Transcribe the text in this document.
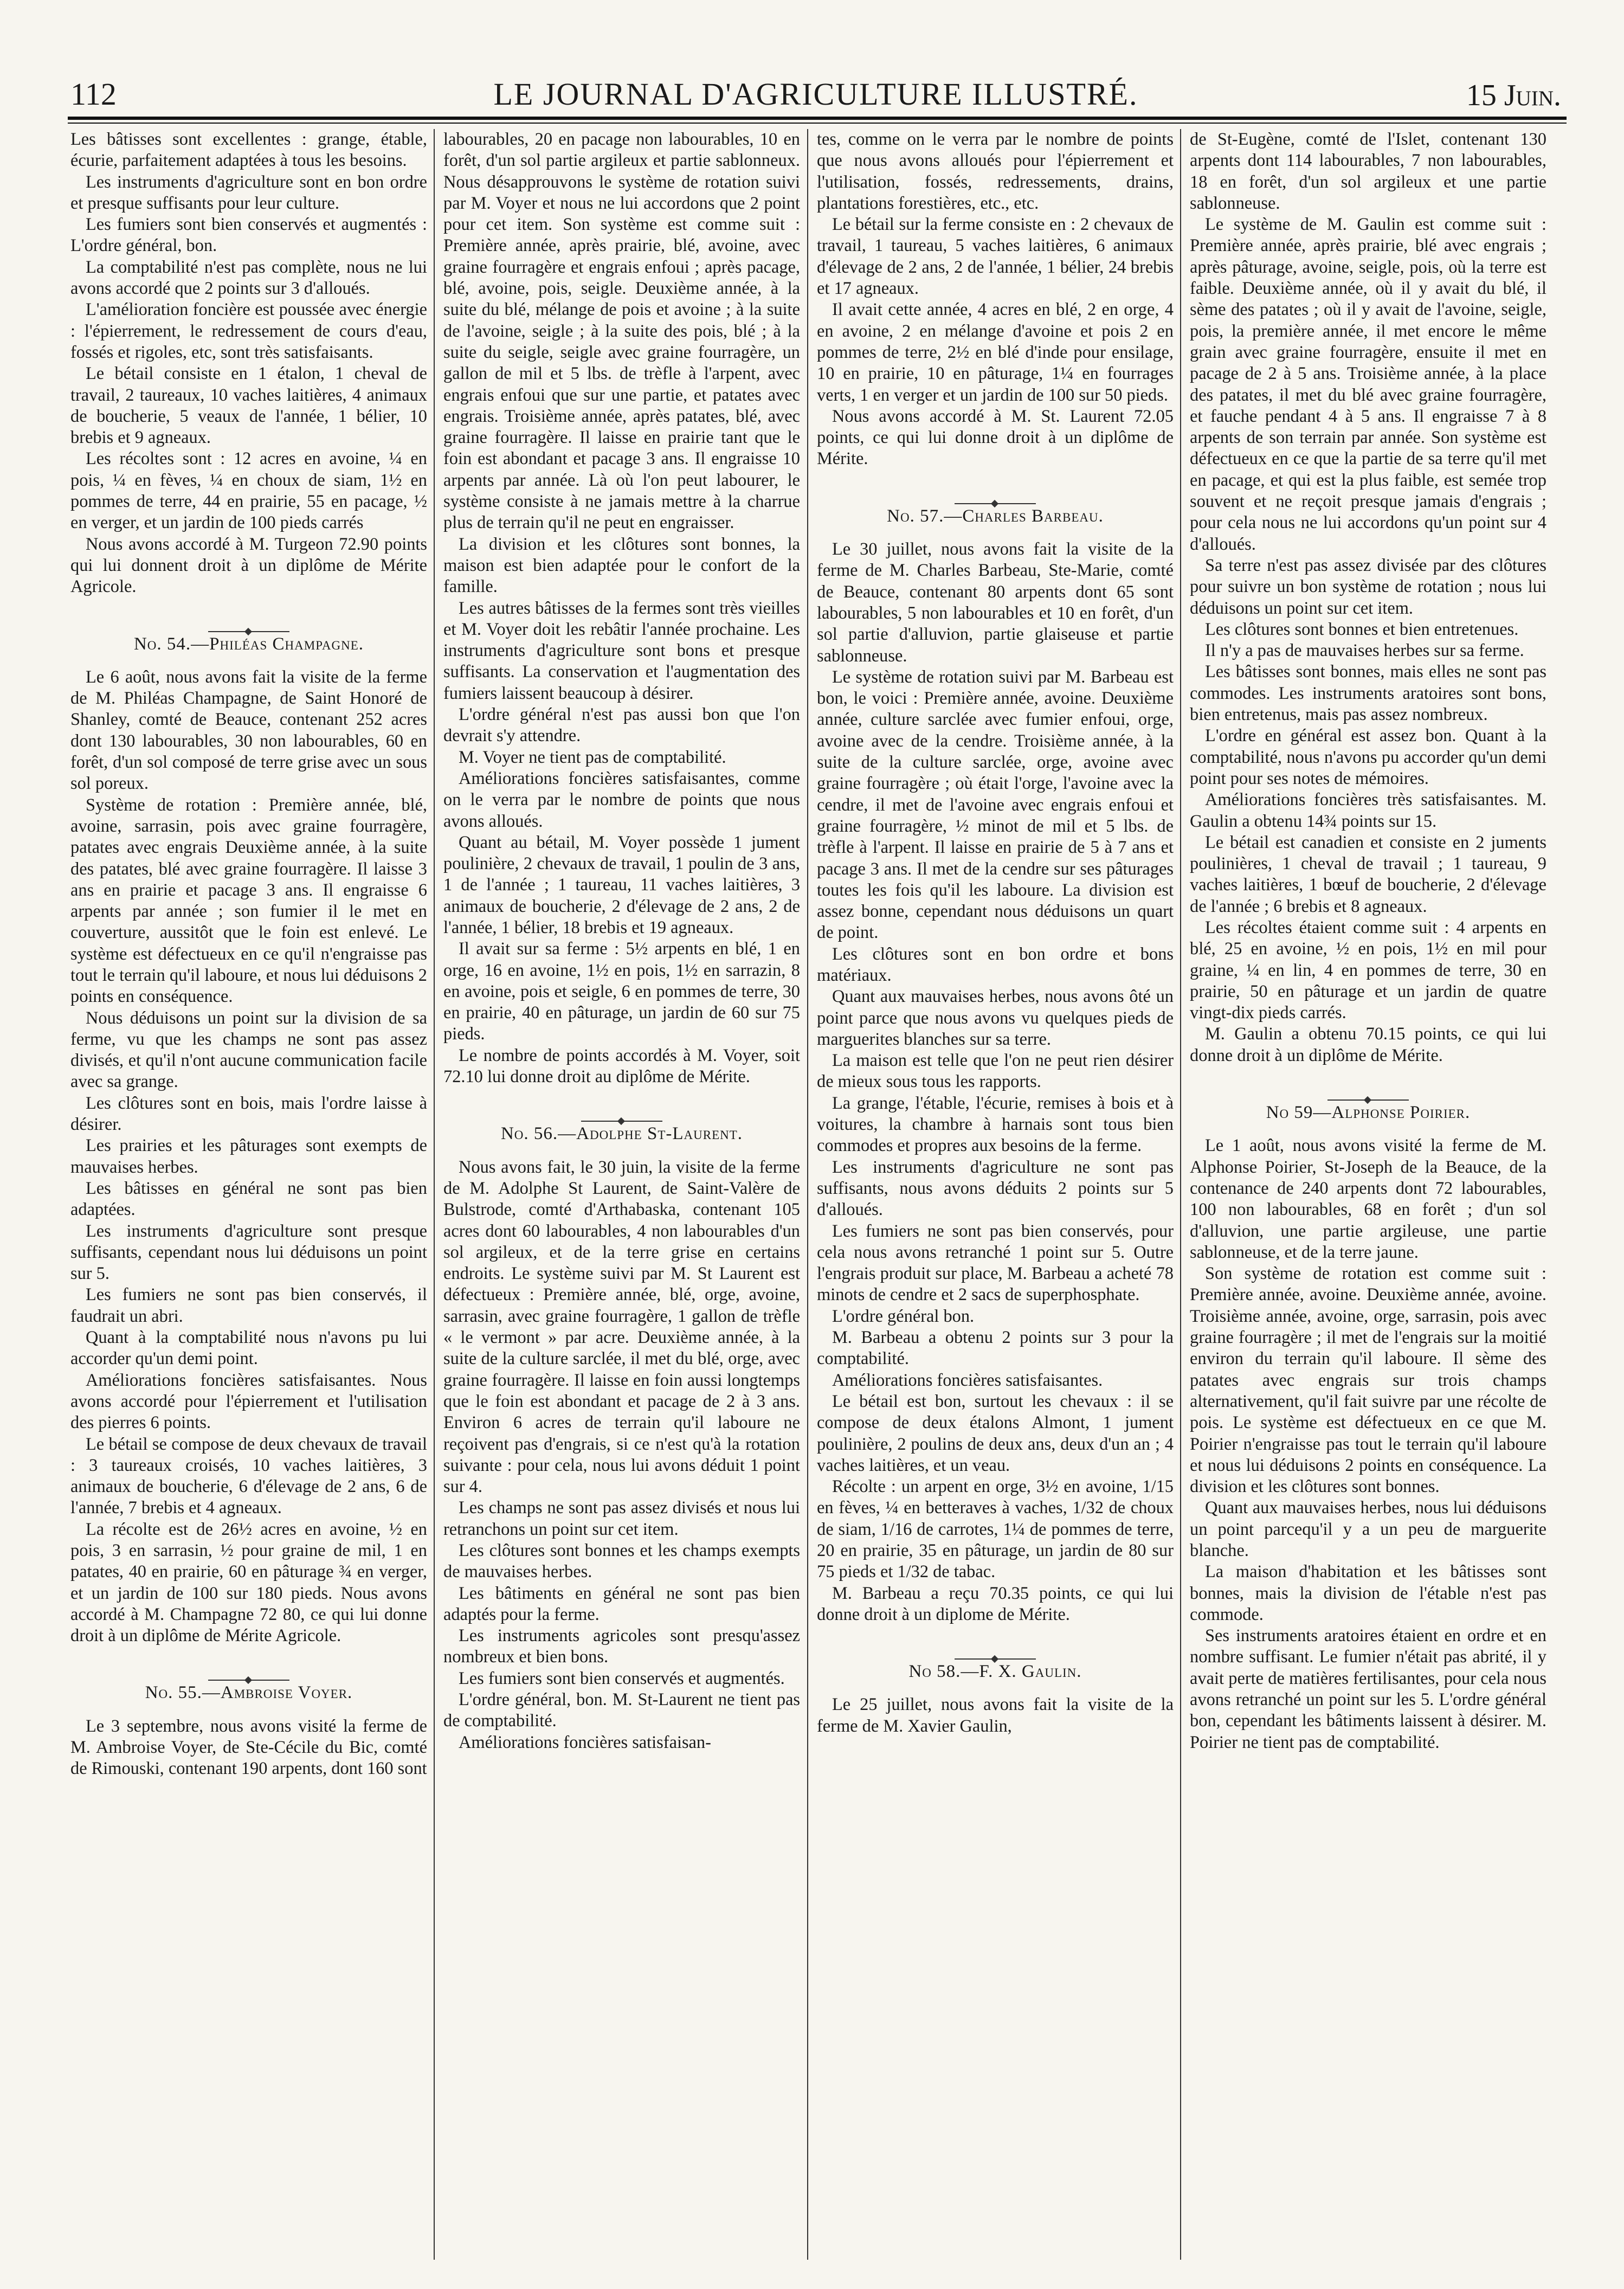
112	LE JOURNAL D'AGRICULTURE ILLUSTRÉ.	15 Juin.

Les bâtisses sont excellentes : grange, étable, écurie, parfaitement adaptées à tous les besoins.

Les instruments d'agriculture sont en bon ordre et presque suffisants pour leur culture.

Les fumiers sont bien conservés et augmentés : L'ordre général, bon.

La comptabilité n'est pas complète, nous ne lui avons accordé que 2 points sur 3 d'alloués.

L'amélioration foncière est poussée avec énergie : l'épierrement, le redressement de cours d'eau, fossés et rigoles, etc, sont très satisfaisants.

Le bétail consiste en 1 étalon, 1 cheval de travail, 2 taureaux, 10 vaches laitières, 4 animaux de boucherie, 5 veaux de l'année, 1 bélier, 10 brebis et 9 agneaux.

Les récoltes sont : 12 acres en avoine, ¼ en pois, ¼ en fèves, ¼ en choux de siam, 1½ en pommes de terre, 44 en prairie, 55 en pacage, ½ en verger, et un jardin de 100 pieds carrés

Nous avons accordé à M. Turgeon 72.90 points qui lui donnent droit à un diplôme de Mérite Agricole.

No. 54.—Philéas Champagne.

Le 6 août, nous avons fait la visite de la ferme de M. Philéas Champagne, de Saint Honoré de Shanley, comté de Beauce, contenant 252 acres dont 130 labourables, 30 non labourables, 60 en forêt, d'un sol composé de terre grise avec un sous sol poreux.

Système de rotation : Première année, blé, avoine, sarrasin, pois avec graine fourragère, patates avec engrais Deuxième année, à la suite des patates, blé avec graine fourragère. Il laisse 3 ans en prairie et pacage 3 ans. Il engraisse 6 arpents par année ; son fumier il le met en couverture, aussitôt que le foin est enlevé. Le système est défectueux en ce qu'il n'engraisse pas tout le terrain qu'il laboure, et nous lui déduisons 2 points en conséquence.

Nous déduisons un point sur la division de sa ferme, vu que les champs ne sont pas assez divisés, et qu'il n'ont aucune communication facile avec sa grange.

Les clôtures sont en bois, mais l'ordre laisse à désirer.

Les prairies et les pâturages sont exempts de mauvaises herbes.

Les bâtisses en général ne sont pas bien adaptées.

Les instruments d'agriculture sont presque suffisants, cependant nous lui déduisons un point sur 5.

Les fumiers ne sont pas bien conservés, il faudrait un abri.

Quant à la comptabilité nous n'avons pu lui accorder qu'un demi point.

Améliorations foncières satisfaisantes. Nous avons accordé pour l'épierrement et l'utilisation des pierres 6 points.

Le bétail se compose de deux chevaux de travail : 3 taureaux croisés, 10 vaches laitières, 3 animaux de boucherie, 6 d'élevage de 2 ans, 6 de l'année, 7 brebis et 4 agneaux.

La récolte est de 26½ acres en avoine, ½ en pois, 3 en sarrasin, ½ pour graine de mil, 1 en patates, 40 en prairie, 60 en pâturage ¾ en verger, et un jardin de 100 sur 180 pieds. Nous avons accordé à M. Champagne 72 80, ce qui lui donne droit à un diplôme de Mérite Agricole.

No. 55.—Ambroise Voyer.

Le 3 septembre, nous avons visité la ferme de M. Ambroise Voyer, de Ste-Cécile du Bic, comté de Rimouski, contenant 190 arpents, dont 160 sont

labourables, 20 en pacage non labourables, 10 en forêt, d'un sol partie argileux et partie sablonneux. Nous désapprouvons le système de rotation suivi par M. Voyer et nous ne lui accordons que 2 point pour cet item. Son système est comme suit : Première année, après prairie, blé, avoine, avec graine fourragère et engrais enfoui ; après pacage, blé, avoine, pois, seigle. Deuxième année, à la suite du blé, mélange de pois et avoine ; à la suite de l'avoine, seigle ; à la suite des pois, blé ; à la suite du seigle, seigle avec graine fourragère, un gallon de mil et 5 lbs. de trèfle à l'arpent, avec engrais enfoui que sur une partie, et patates avec engrais. Troisième année, après patates, blé, avec graine fourragère. Il laisse en prairie tant que le foin est abondant et pacage 3 ans. Il engraisse 10 arpents par année. Là où l'on peut labourer, le système consiste à ne jamais mettre à la charrue plus de terrain qu'il ne peut en engraisser.

La division et les clôtures sont bonnes, la maison est bien adaptée pour le confort de la famille.

Les autres bâtisses de la fermes sont très vieilles et M. Voyer doit les rebâtir l'année prochaine. Les instruments d'agriculture sont bons et presque suffisants. La conservation et l'augmentation des fumiers laissent beaucoup à désirer.

L'ordre général n'est pas aussi bon que l'on devrait s'y attendre.

M. Voyer ne tient pas de comptabilité.

Améliorations foncières satisfaisantes, comme on le verra par le nombre de points que nous avons alloués.

Quant au bétail, M. Voyer possède 1 jument poulinière, 2 chevaux de travail, 1 poulin de 3 ans, 1 de l'année ; 1 taureau, 11 vaches laitières, 3 animaux de boucherie, 2 d'élevage de 2 ans, 2 de l'année, 1 bélier, 18 brebis et 19 agneaux.

Il avait sur sa ferme : 5½ arpents en blé, 1 en orge, 16 en avoine, 1½ en pois, 1½ en sarrazin, 8 en avoine, pois et seigle, 6 en pommes de terre, 30 en prairie, 40 en pâturage, un jardin de 60 sur 75 pieds.

Le nombre de points accordés à M. Voyer, soit 72.10 lui donne droit au diplôme de Mérite.

No. 56.—Adolphe St-Laurent.

Nous avons fait, le 30 juin, la visite de la ferme de M. Adolphe St Laurent, de Saint-Valère de Bulstrode, comté d'Arthabaska, contenant 105 acres dont 60 labourables, 4 non labourables d'un sol argileux, et de la terre grise en certains endroits. Le système suivi par M. St Laurent est défectueux : Première année, blé, orge, avoine, sarrasin, avec graine fourragère, 1 gallon de trèfle « le vermont » par acre. Deuxième année, à la suite de la culture sarclée, il met du blé, orge, avec graine fourragère. Il laisse en foin aussi longtemps que le foin est abondant et pacage de 2 à 3 ans. Environ 6 acres de terrain qu'il laboure ne reçoivent pas d'engrais, si ce n'est qu'à la rotation suivante : pour cela, nous lui avons déduit 1 point sur 4.

Les champs ne sont pas assez divisés et nous lui retranchons un point sur cet item.

Les clôtures sont bonnes et les champs exempts de mauvaises herbes.

Les bâtiments en général ne sont pas bien adaptés pour la ferme.

Les instruments agricoles sont presqu'assez nombreux et bien bons.

Les fumiers sont bien conservés et augmentés.

L'ordre général, bon. M. St-Laurent ne tient pas de comptabilité.

Améliorations foncières satisfaisan-

tes, comme on le verra par le nombre de points que nous avons alloués pour l'épierrement et l'utilisation, fossés, redressements, drains, plantations forestières, etc., etc.

Le bétail sur la ferme consiste en : 2 chevaux de travail, 1 taureau, 5 vaches laitières, 6 animaux d'élevage de 2 ans, 2 de l'année, 1 bélier, 24 brebis et 17 agneaux.

Il avait cette année, 4 acres en blé, 2 en orge, 4 en avoine, 2 en mélange d'avoine et pois 2 en pommes de terre, 2½ en blé d'inde pour ensilage, 10 en prairie, 10 en pâturage, 1¼ en fourrages verts, 1 en verger et un jardin de 100 sur 50 pieds.

Nous avons accordé à M. St. Laurent 72.05 points, ce qui lui donne droit à un diplôme de Mérite.

No. 57.—Charles Barbeau.

Le 30 juillet, nous avons fait la visite de la ferme de M. Charles Barbeau, Ste-Marie, comté de Beauce, contenant 80 arpents dont 65 sont labourables, 5 non labourables et 10 en forêt, d'un sol partie d'alluvion, partie glaiseuse et partie sablonneuse.

Le système de rotation suivi par M. Barbeau est bon, le voici : Première année, avoine. Deuxième année, culture sarclée avec fumier enfoui, orge, avoine avec de la cendre. Troisième année, à la suite de la culture sarclée, orge, avoine avec graine fourragère ; où était l'orge, l'avoine avec la cendre, il met de l'avoine avec engrais enfoui et graine fourragère, ½ minot de mil et 5 lbs. de trèfle à l'arpent. Il laisse en prairie de 5 à 7 ans et pacage 3 ans. Il met de la cendre sur ses pâturages toutes les fois qu'il les laboure. La division est assez bonne, cependant nous déduisons un quart de point.

Les clôtures sont en bon ordre et bons matériaux.

Quant aux mauvaises herbes, nous avons ôté un point parce que nous avons vu quelques pieds de marguerites blanches sur sa terre.

La maison est telle que l'on ne peut rien désirer de mieux sous tous les rapports.

La grange, l'étable, l'écurie, remises à bois et à voitures, la chambre à harnais sont tous bien commodes et propres aux besoins de la ferme.

Les instruments d'agriculture ne sont pas suffisants, nous avons déduits 2 points sur 5 d'alloués.

Les fumiers ne sont pas bien conservés, pour cela nous avons retranché 1 point sur 5. Outre l'engrais produit sur place, M. Barbeau a acheté 78 minots de cendre et 2 sacs de superphosphate.

L'ordre général bon.

M. Barbeau a obtenu 2 points sur 3 pour la comptabilité.

Améliorations foncières satisfaisantes.

Le bétail est bon, surtout les chevaux : il se compose de deux étalons Almont, 1 jument poulinière, 2 poulins de deux ans, deux d'un an ; 4 vaches laitières, et un veau.

Récolte : un arpent en orge, 3½ en avoine, 1/15 en fèves, ¼ en betteraves à vaches, 1/32 de choux de siam, 1/16 de carrotes, 1¼ de pommes de terre, 20 en prairie, 35 en pâturage, un jardin de 80 sur 75 pieds et 1/32 de tabac.

M. Barbeau a reçu 70.35 points, ce qui lui donne droit à un diplome de Mérite.

No 58.—F. X. Gaulin.

Le 25 juillet, nous avons fait la visite de la ferme de M. Xavier Gaulin,

de St-Eugène, comté de l'Islet, contenant 130 arpents dont 114 labourables, 7 non labourables, 18 en forêt, d'un sol argileux et une partie sablonneuse.

Le système de M. Gaulin est comme suit : Première année, après prairie, blé avec engrais ; après pâturage, avoine, seigle, pois, où la terre est faible. Deuxième année, où il y avait du blé, il sème des patates ; où il y avait de l'avoine, seigle, pois, la première année, il met encore le même grain avec graine fourragère, ensuite il met en pacage de 2 à 5 ans. Troisième année, à la place des patates, il met du blé avec graine fourragère, et fauche pendant 4 à 5 ans. Il engraisse 7 à 8 arpents de son terrain par année. Son système est défectueux en ce que la partie de sa terre qu'il met en pacage, et qui est la plus faible, est semée trop souvent et ne reçoit presque jamais d'engrais ; pour cela nous ne lui accordons qu'un point sur 4 d'alloués.

Sa terre n'est pas assez divisée par des clôtures pour suivre un bon système de rotation ; nous lui déduisons un point sur cet item.

Les clôtures sont bonnes et bien entretenues.

Il n'y a pas de mauvaises herbes sur sa ferme.

Les bâtisses sont bonnes, mais elles ne sont pas commodes. Les instruments aratoires sont bons, bien entretenus, mais pas assez nombreux.

L'ordre en général est assez bon. Quant à la comptabilité, nous n'avons pu accorder qu'un demi point pour ses notes de mémoires.

Améliorations foncières très satisfaisantes. M. Gaulin a obtenu 14¾ points sur 15.

Le bétail est canadien et consiste en 2 juments poulinières, 1 cheval de travail ; 1 taureau, 9 vaches laitières, 1 bœuf de boucherie, 2 d'élevage de l'année ; 6 brebis et 8 agneaux.

Les récoltes étaient comme suit : 4 arpents en blé, 25 en avoine, ½ en pois, 1½ en mil pour graine, ¼ en lin, 4 en pommes de terre, 30 en prairie, 50 en pâturage et un jardin de quatre vingt-dix pieds carrés.

M. Gaulin a obtenu 70.15 points, ce qui lui donne droit à un diplôme de Mérite.

No 59—Alphonse Poirier.

Le 1 août, nous avons visité la ferme de M. Alphonse Poirier, St-Joseph de la Beauce, de la contenance de 240 arpents dont 72 labourables, 100 non labourables, 68 en forêt ; d'un sol d'alluvion, une partie argileuse, une partie sablonneuse, et de la terre jaune.

Son système de rotation est comme suit : Première année, avoine. Deuxième année, avoine. Troisième année, avoine, orge, sarrasin, pois avec graine fourragère ; il met de l'engrais sur la moitié environ du terrain qu'il laboure. Il sème des patates avec engrais sur trois champs alternativement, qu'il fait suivre par une récolte de pois. Le système est défectueux en ce que M. Poirier n'engraisse pas tout le terrain qu'il laboure et nous lui déduisons 2 points en conséquence. La division et les clôtures sont bonnes.

Quant aux mauvaises herbes, nous lui déduisons un point parcequ'il y a un peu de marguerite blanche.

La maison d'habitation et les bâtisses sont bonnes, mais la division de l'étable n'est pas commode.

Ses instruments aratoires étaient en ordre et en nombre suffisant. Le fumier n'était pas abrité, il y avait perte de matières fertilisantes, pour cela nous avons retranché un point sur les 5. L'ordre général bon, cependant les bâtiments laissent à désirer. M. Poirier ne tient pas de comptabilité.
